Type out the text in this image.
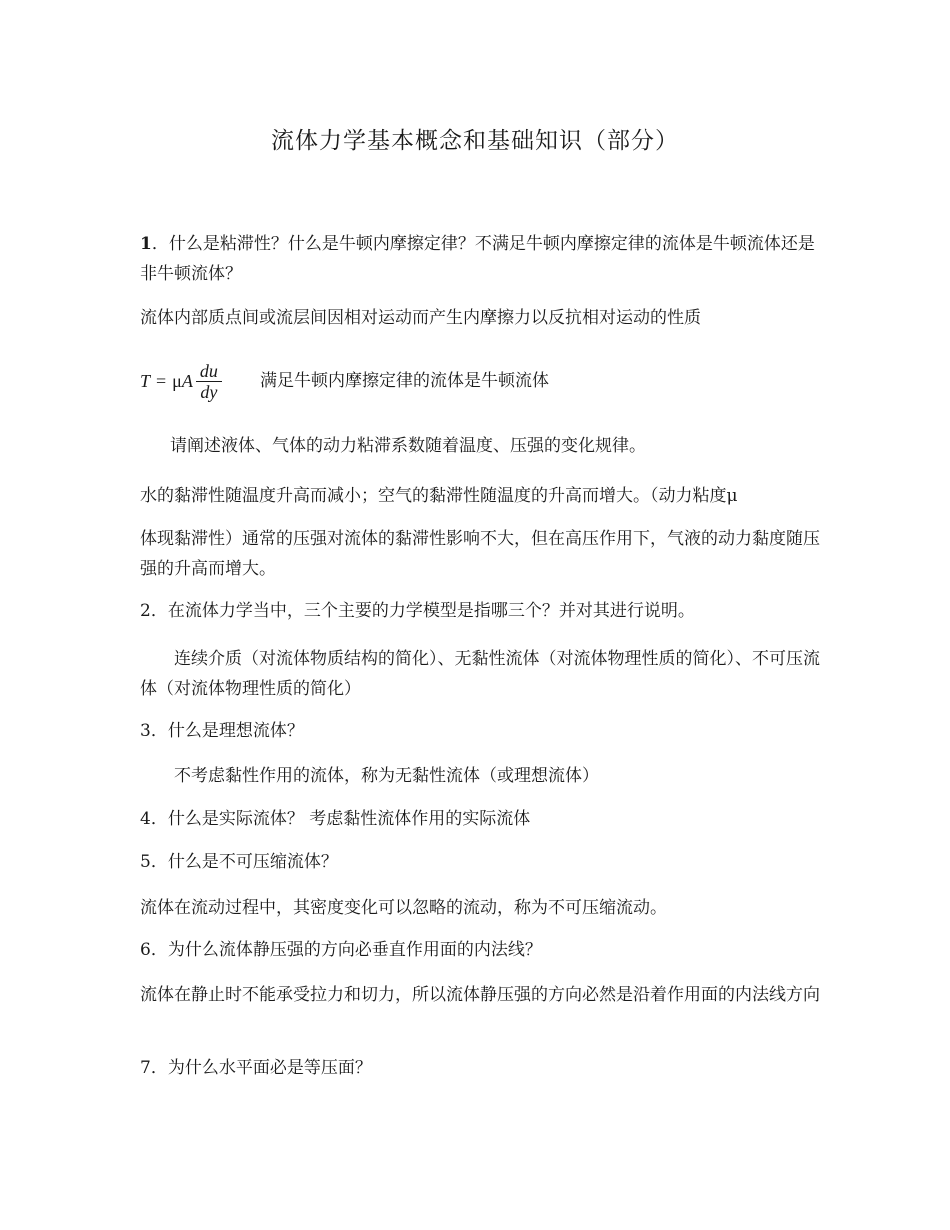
流体力学基本概念和基础知识（部分）
1．什么是粘滞性？什么是牛顿内摩擦定律？不满足牛顿内摩擦定律的流体是牛顿流体还是非牛顿流体？
流体内部质点间或流层间因相对运动而产生内摩擦力以反抗相对运动的性质
T = μ A $\frac{du}{dy}$ 满足牛顿内摩擦定律的流体是牛顿流体
请阐述液体、气体的动力粘滞系数随着温度、压强的变化规律。
水的黏滞性随温度升高而减小；空气的黏滞性随温度的升高而增大。（动力粘度μ
体现黏滞性）通常的压强对流体的黏滞性影响不大，但在高压作用下，气液的动力黏度随压强的升高而增大。
2．在流体力学当中，三个主要的力学模型是指哪三个？并对其进行说明。
连续介质（对流体物质结构的简化）、无黏性流体（对流体物理性质的简化）、不可压流体（对流体物理性质的简化）
3．什么是理想流体？
不考虑黏性作用的流体，称为无黏性流体（或理想流体）
4．什么是实际流体？ 考虑黏性流体作用的实际流体
5．什么是不可压缩流体？
流体在流动过程中，其密度变化可以忽略的流动，称为不可压缩流动。
6．为什么流体静压强的方向必垂直作用面的内法线？
流体在静止时不能承受拉力和切力，所以流体静压强的方向必然是沿着作用面的内法线方向
7．为什么水平面必是等压面？
